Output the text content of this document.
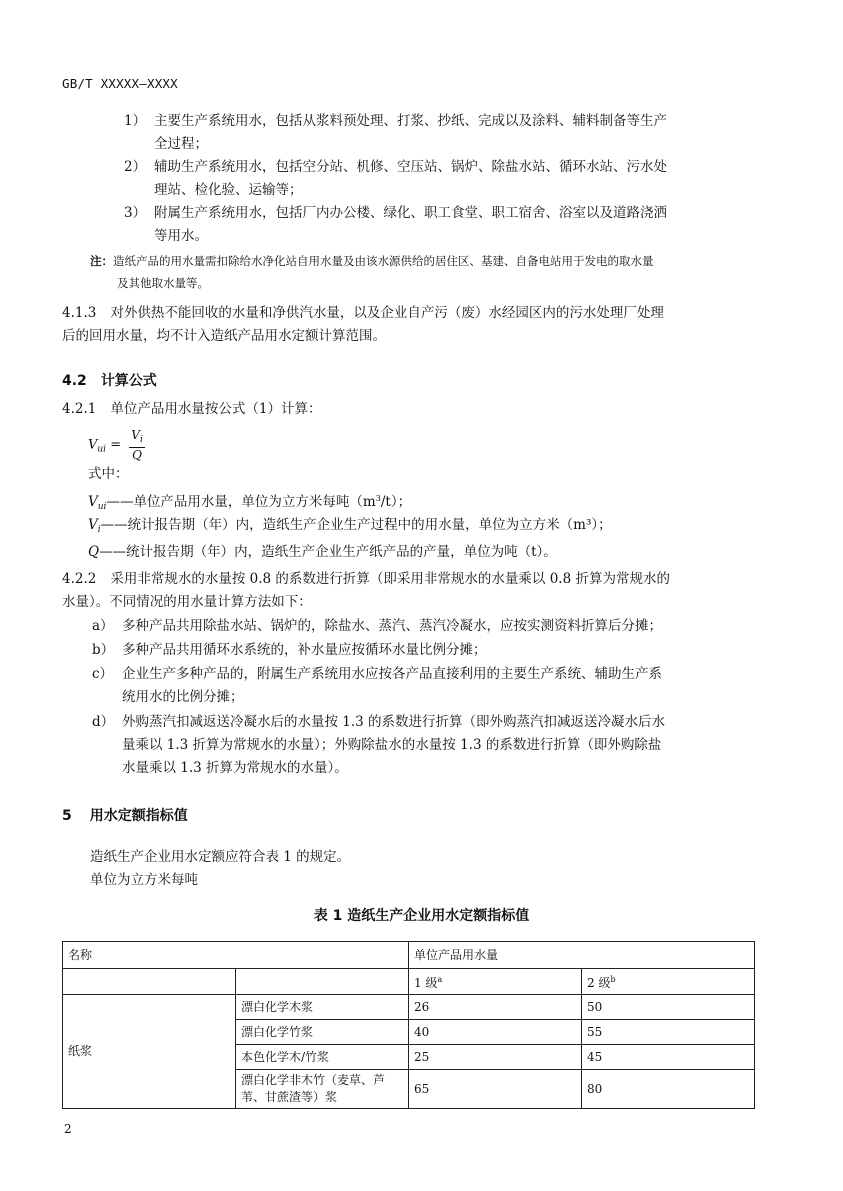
GB/T XXXXX—XXXX
1） 主要生产系统用水，包括从浆料预处理、打浆、抄纸、完成以及涂料、辅料制备等生产
全过程；
2） 辅助生产系统用水，包括空分站、机修、空压站、锅炉、除盐水站、循环水站、污水处
理站、检化验、运输等；
3） 附属生产系统用水，包括厂内办公楼、绿化、职工食堂、职工宿舍、浴室以及道路浇洒
等用水。
注：造纸产品的用水量需扣除给水净化站自用水量及由该水源供给的居住区、基建、自备电站用于发电的取水量
及其他取水量等。
4.1.3 对外供热不能回收的水量和净供汽水量，以及企业自产污（废）水经园区内的污水处理厂处理
后的回用水量，均不计入造纸产品用水定额计算范围。
4.2 计算公式
4.2.1 单位产品用水量按公式（1）计算：
$V_{ui} = \frac{V_i}{Q}$
式中：
$V_{ui}——$单位产品用水量，单位为立方米每吨$(m^3/t)$；
$V_i——$统计报告期（年）内，造纸生产企业生产过程中的用水量，单位为立方米（m³）；
Q——统计报告期（年）内，造纸生产企业生产纸产品的产量，单位为吨（t）。
4.2.2 采用非常规水的水量按 0.8 的系数进行折算（即采用非常规水的水量乘以 0.8 折算为常规水的
水量）。不同情况的用水量计算方法如下：
a） 多种产品共用除盐水站、锅炉的，除盐水、蒸汽、蒸汽冷凝水，应按实测资料折算后分摊；
b） 多种产品共用循环水系统的，补水量应按循环水量比例分摊；
c） 企业生产多种产品的，附属生产系统用水应按各产品直接利用的主要生产系统、辅助生产系
统用水的比例分摊；
d） 外购蒸汽扣减返送冷凝水后的水量按 1.3 的系数进行折算（即外购蒸汽扣减返送冷凝水后水
量乘以 1.3 折算为常规水的水量）；外购除盐水的水量按 1.3 的系数进行折算（即外购除盐
水量乘以 1.3 折算为常规水的水量）。
5 用水定额指标值
造纸生产企业用水定额应符合表 1 的规定。
单位为立方米每吨
表 1 造纸生产企业用水定额指标值
名称		单位产品用水量	
		1 级$^a$	2 级$^b$
纸浆	漂白化学木浆	26	50
	漂白化学竹浆	40	55
	本色化学木/竹浆	25	45
	漂白化学非木竹（麦草、芦苇、甘蔗渣等）浆	65	80
2
